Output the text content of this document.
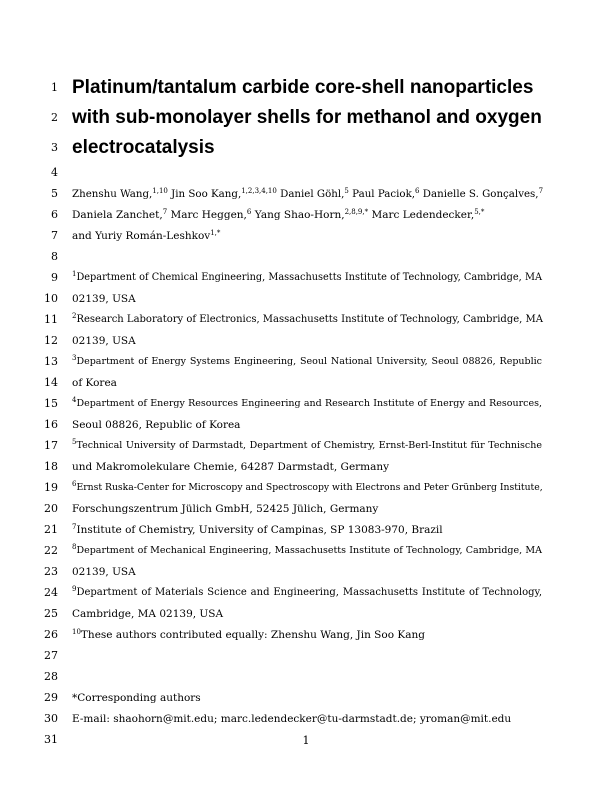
1
2
3
4
5
6
7
8
9
10
11
12
13
14
15
16
17
18
19
20
21
22
23
24
25
26
27
28
29
30
31
Platinum/tantalum carbide core-shell nanoparticles
with sub-monolayer shells for methanol and oxygen
electrocatalysis
Zhenshu Wang,$^{1,10}$ Jin Soo Kang,$^{1,2,3,4,10}$ Daniel Göhl,$^5$ Paul Paciok,$^6$ Danielle S. Gonçalves,$^7$
Daniela Zanchet,$^7$ Marc Heggen,$^6$ Yang Shao-Horn,$^{2,8,9,*}$ Marc Ledendecker,$^{5,*}$
and Yuriy Román-Leshkov$^{1,*}$
$^1$Department of Chemical Engineering, Massachusetts Institute of Technology, Cambridge, MA
02139, USA
$^2$Research Laboratory of Electronics, Massachusetts Institute of Technology, Cambridge, MA
02139, USA
$^3$Department of Energy Systems Engineering, Seoul National University, Seoul 08826, Republic
of Korea
$^4$Department of Energy Resources Engineering and Research Institute of Energy and Resources,
Seoul 08826, Republic of Korea
$^5$Technical University of Darmstadt, Department of Chemistry, Ernst-Berl-Institut für Technische
und Makromolekulare Chemie, 64287 Darmstadt, Germany
$^6$Ernst Ruska-Center for Microscopy and Spectroscopy with Electrons and Peter Grünberg Institute,
Forschungszentrum Jülich GmbH, 52425 Jülich, Germany
$^7$Institute of Chemistry, University of Campinas, SP 13083-970, Brazil
$^8$Department of Mechanical Engineering, Massachusetts Institute of Technology, Cambridge, MA
02139, USA
$^9$Department of Materials Science and Engineering, Massachusetts Institute of Technology,
Cambridge, MA 02139, USA
$^{10}$These authors contributed equally: Zhenshu Wang, Jin Soo Kang
*Corresponding authors
E-mail: shaohorn@mit.edu; marc.ledendecker@tu-darmstadt.de; yroman@mit.edu
1
